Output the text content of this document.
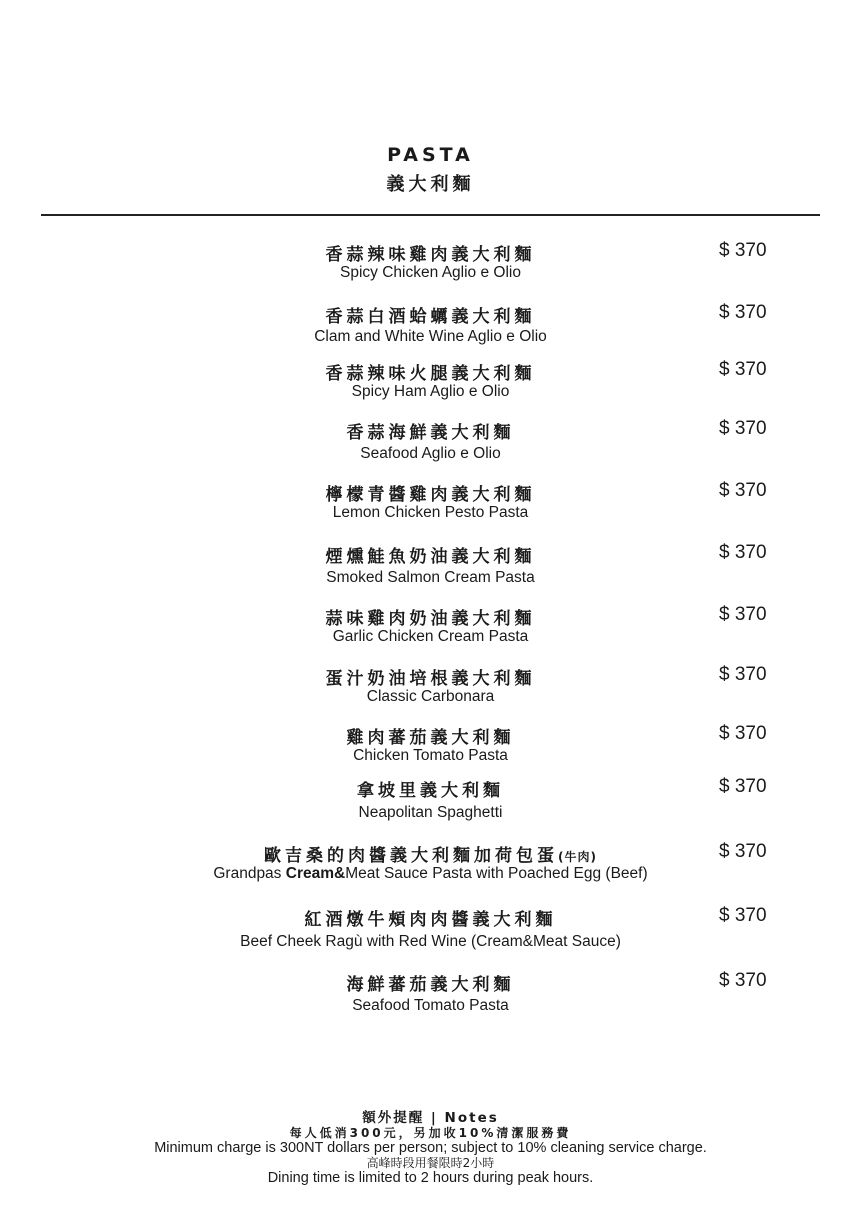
PASTA
義大利麵
香蒜辣味雞肉義大利麵
Spicy Chicken Aglio e Olio
$ 370
香蒜白酒蛤蠣義大利麵
Clam and White Wine Aglio e Olio
$ 370
香蒜辣味火腿義大利麵
Spicy Ham Aglio e Olio
$ 370
香蒜海鮮義大利麵
Seafood Aglio e Olio
$ 370
檸檬青醬雞肉義大利麵
Lemon Chicken Pesto Pasta
$ 370
煙燻鮭魚奶油義大利麵
Smoked Salmon Cream Pasta
$ 370
蒜味雞肉奶油義大利麵
Garlic Chicken Cream Pasta
$ 370
蛋汁奶油培根義大利麵
Classic Carbonara
$ 370
雞肉蕃茄義大利麵
Chicken Tomato Pasta
$ 370
拿坡里義大利麵
Neapolitan Spaghetti
$ 370
歐吉桑的肉醬義大利麵加荷包蛋(牛肉)
Grandpas Cream&Meat Sauce Pasta with Poached Egg (Beef)
$ 370
紅酒燉牛頰肉肉醬義大利麵
Beef Cheek Ragù with Red Wine (Cream&Meat Sauce)
$ 370
海鮮蕃茄義大利麵
Seafood Tomato Pasta
$ 370
額外提醒 | Notes
每人低消300元，另加收10%清潔服務費
Minimum charge is 300NT dollars per person; subject to 10% cleaning service charge.
高峰時段用餐限時2小時
Dining time is limited to 2 hours during peak hours.
